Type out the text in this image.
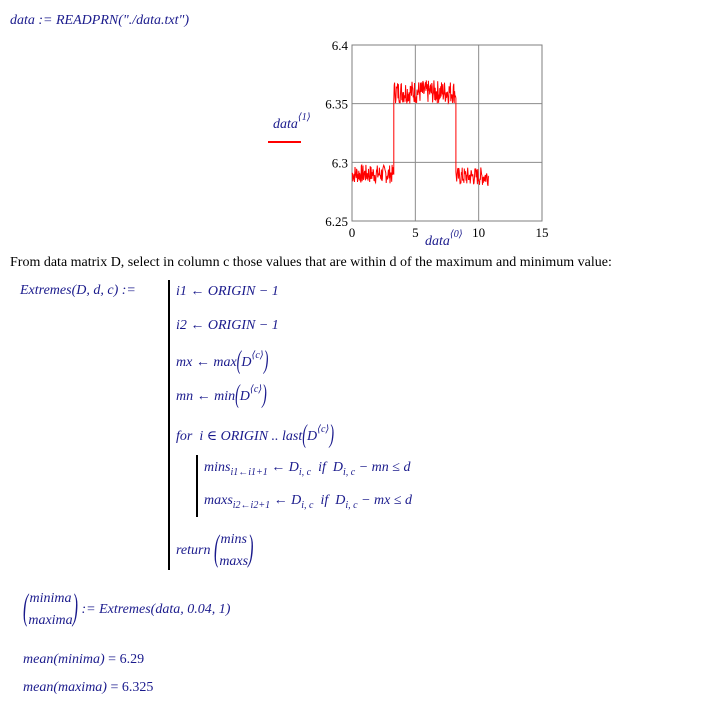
data := READPRN("./data.txt")
data$^{⟨1⟩}$
6.4
6.35
6.3
6.25
0	5	10	15
data$^{⟨0⟩}$
From data matrix D, select in column c those values that are within d of the maximum and minimum value:
Extremes(D, d, c) :=	i1 ← ORIGIN − 1
i2 ← ORIGIN − 1
mx ← $\max(D^{⟨c⟩})$
mn ← $\min(D^{⟨c⟩})$
for i ∈ ORIGIN .. $last(D^{⟨c⟩})$
mins$_{i1\leftarrow i1+1}$ ← $D_{i, c}$ if $D_{i, c}$ − mn ≤ d
maxs$_{i2\leftarrow i2+1}$ ← $D_{i, c}$ if $D_{i, c}$ − mx ≤ d
return (mins
maxs)
(minima
maxima) := Extremes(data, 0.04, 1)
mean(minima) = 6.29
mean(maxima) = 6.325
